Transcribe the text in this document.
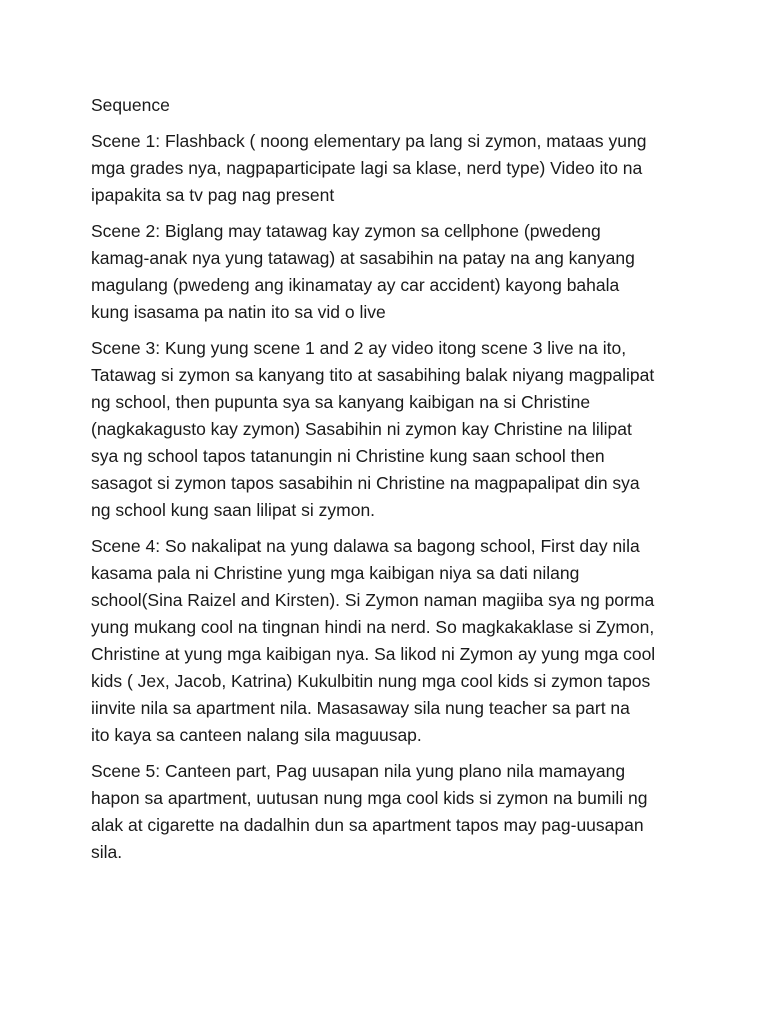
Sequence
Scene 1: Flashback ( noong elementary pa lang si zymon, mataas yung
mga grades nya, nagpaparticipate lagi sa klase, nerd type) Video ito na
ipapakita sa tv pag nag present
Scene 2: Biglang may tatawag kay zymon sa cellphone (pwedeng
kamag-anak nya yung tatawag) at sasabihin na patay na ang kanyang
magulang (pwedeng ang ikinamatay ay car accident) kayong bahala
kung isasama pa natin ito sa vid o live
Scene 3: Kung yung scene 1 and 2 ay video itong scene 3 live na ito,
Tatawag si zymon sa kanyang tito at sasabihing balak niyang magpalipat
ng school, then pupunta sya sa kanyang kaibigan na si Christine
(nagkakagusto kay zymon) Sasabihin ni zymon kay Christine na lilipat
sya ng school tapos tatanungin ni Christine kung saan school then
sasagot si zymon tapos sasabihin ni Christine na magpapalipat din sya
ng school kung saan lilipat si zymon.
Scene 4: So nakalipat na yung dalawa sa bagong school, First day nila
kasama pala ni Christine yung mga kaibigan niya sa dati nilang
school(Sina Raizel and Kirsten). Si Zymon naman magiiba sya ng porma
yung mukang cool na tingnan hindi na nerd. So magkakaklase si Zymon,
Christine at yung mga kaibigan nya. Sa likod ni Zymon ay yung mga cool
kids ( Jex, Jacob, Katrina) Kukulbitin nung mga cool kids si zymon tapos
iinvite nila sa apartment nila. Masasaway sila nung teacher sa part na
ito kaya sa canteen nalang sila maguusap.
Scene 5: Canteen part, Pag uusapan nila yung plano nila mamayang
hapon sa apartment, uutusan nung mga cool kids si zymon na bumili ng
alak at cigarette na dadalhin dun sa apartment tapos may pag-uusapan
sila.
